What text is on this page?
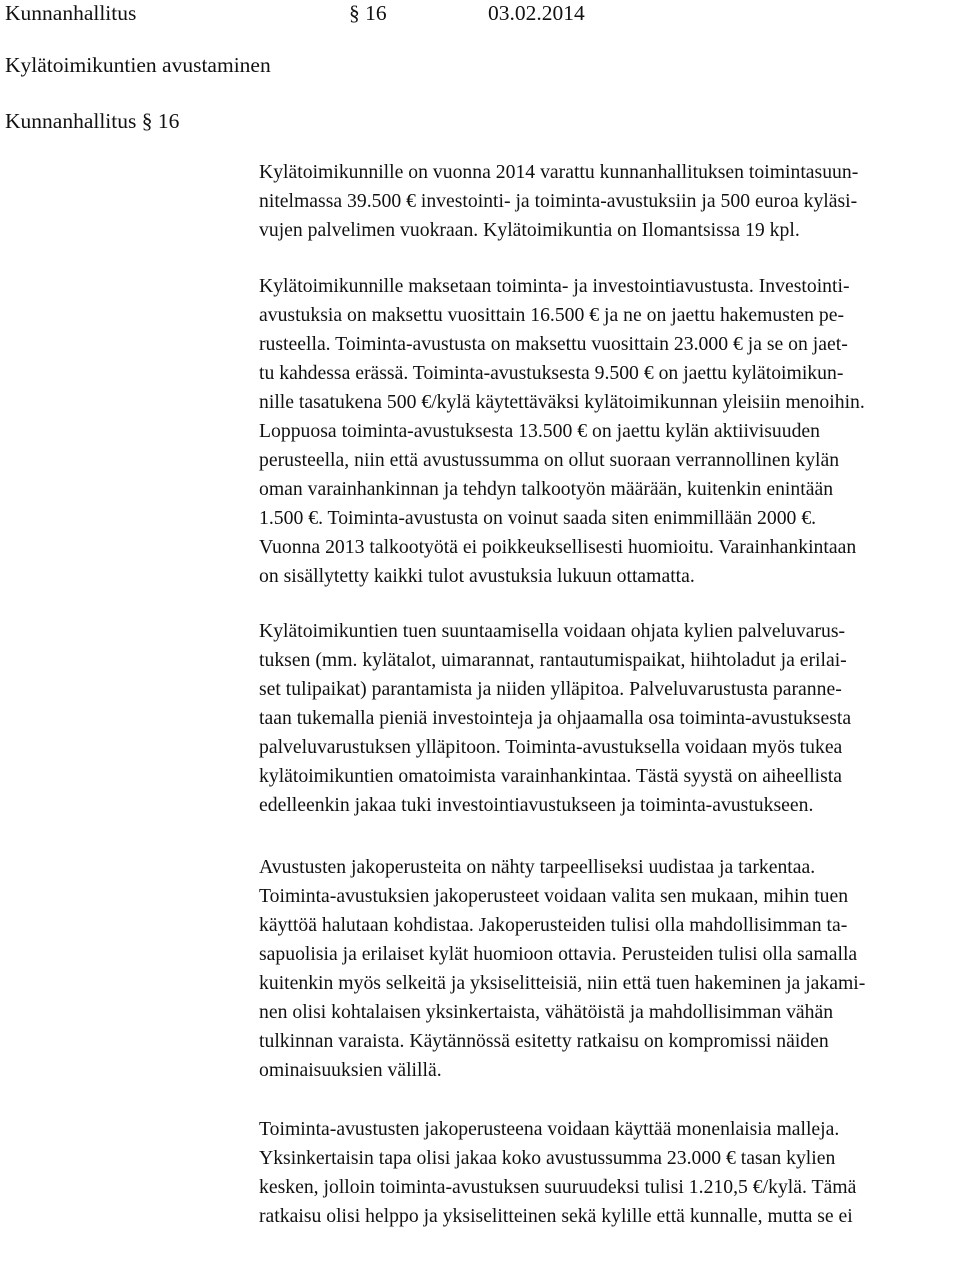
Kunnanhallitus	§ 16	03.02.2014
Kylätoimikuntien avustaminen
Kunnanhallitus § 16
Kylätoimikunnille on vuonna 2014 varattu kunnanhallituksen toimintasuun-
nitelmassa 39.500 € investointi- ja toiminta-avustuksiin ja 500 euroa kyläsi-
vujen palvelimen vuokraan. Kylätoimikuntia on Ilomantsissa 19 kpl.
Kylätoimikunnille maksetaan toiminta- ja investointiavustusta. Investointi-
avustuksia on maksettu vuosittain 16.500 € ja ne on jaettu hakemusten pe-
rusteella. Toiminta-avustusta on maksettu vuosittain 23.000 € ja se on jaet-
tu kahdessa erässä. Toiminta-avustuksesta 9.500 € on jaettu kylätoimikun-
nille tasatukena 500 €/kylä käytettäväksi kylätoimikunnan yleisiin menoihin.
Loppuosa toiminta-avustuksesta 13.500 € on jaettu kylän aktiivisuuden
perusteella, niin että avustussumma on ollut suoraan verrannollinen kylän
oman varainhankinnan ja tehdyn talkootyön määrään, kuitenkin enintään
1.500 €. Toiminta-avustusta on voinut saada siten enimmillään 2000 €.
Vuonna 2013 talkootyötä ei poikkeuksellisesti huomioitu. Varainhankintaan
on sisällytetty kaikki tulot avustuksia lukuun ottamatta.
Kylätoimikuntien tuen suuntaamisella voidaan ohjata kylien palveluvarus-
tuksen (mm. kylätalot, uimarannat, rantautumispaikat, hiihtoladut ja erilai-
set tulipaikat) parantamista ja niiden ylläpitoa. Palveluvarustusta paranne-
taan tukemalla pieniä investointeja ja ohjaamalla osa toiminta-avustuksesta
palveluvarustuksen ylläpitoon. Toiminta-avustuksella voidaan myös tukea
kylätoimikuntien omatoimista varainhankintaa. Tästä syystä on aiheellista
edelleenkin jakaa tuki investointiavustukseen ja toiminta-avustukseen.
Avustusten jakoperusteita on nähty tarpeelliseksi uudistaa ja tarkentaa.
Toiminta-avustuksien jakoperusteet voidaan valita sen mukaan, mihin tuen
käyttöä halutaan kohdistaa. Jakoperusteiden tulisi olla mahdollisimman ta-
sapuolisia ja erilaiset kylät huomioon ottavia. Perusteiden tulisi olla samalla
kuitenkin myös selkeitä ja yksiselitteisiä, niin että tuen hakeminen ja jakami-
nen olisi kohtalaisen yksinkertaista, vähätöistä ja mahdollisimman vähän
tulkinnan varaista. Käytännössä esitetty ratkaisu on kompromissi näiden
ominaisuuksien välillä.
Toiminta-avustusten jakoperusteena voidaan käyttää monenlaisia malleja.
Yksinkertaisin tapa olisi jakaa koko avustussumma 23.000 € tasan kylien
kesken, jolloin toiminta-avustuksen suuruudeksi tulisi 1.210,5 €/kylä. Tämä
ratkaisu olisi helppo ja yksiselitteinen sekä kylille että kunnalle, mutta se ei
